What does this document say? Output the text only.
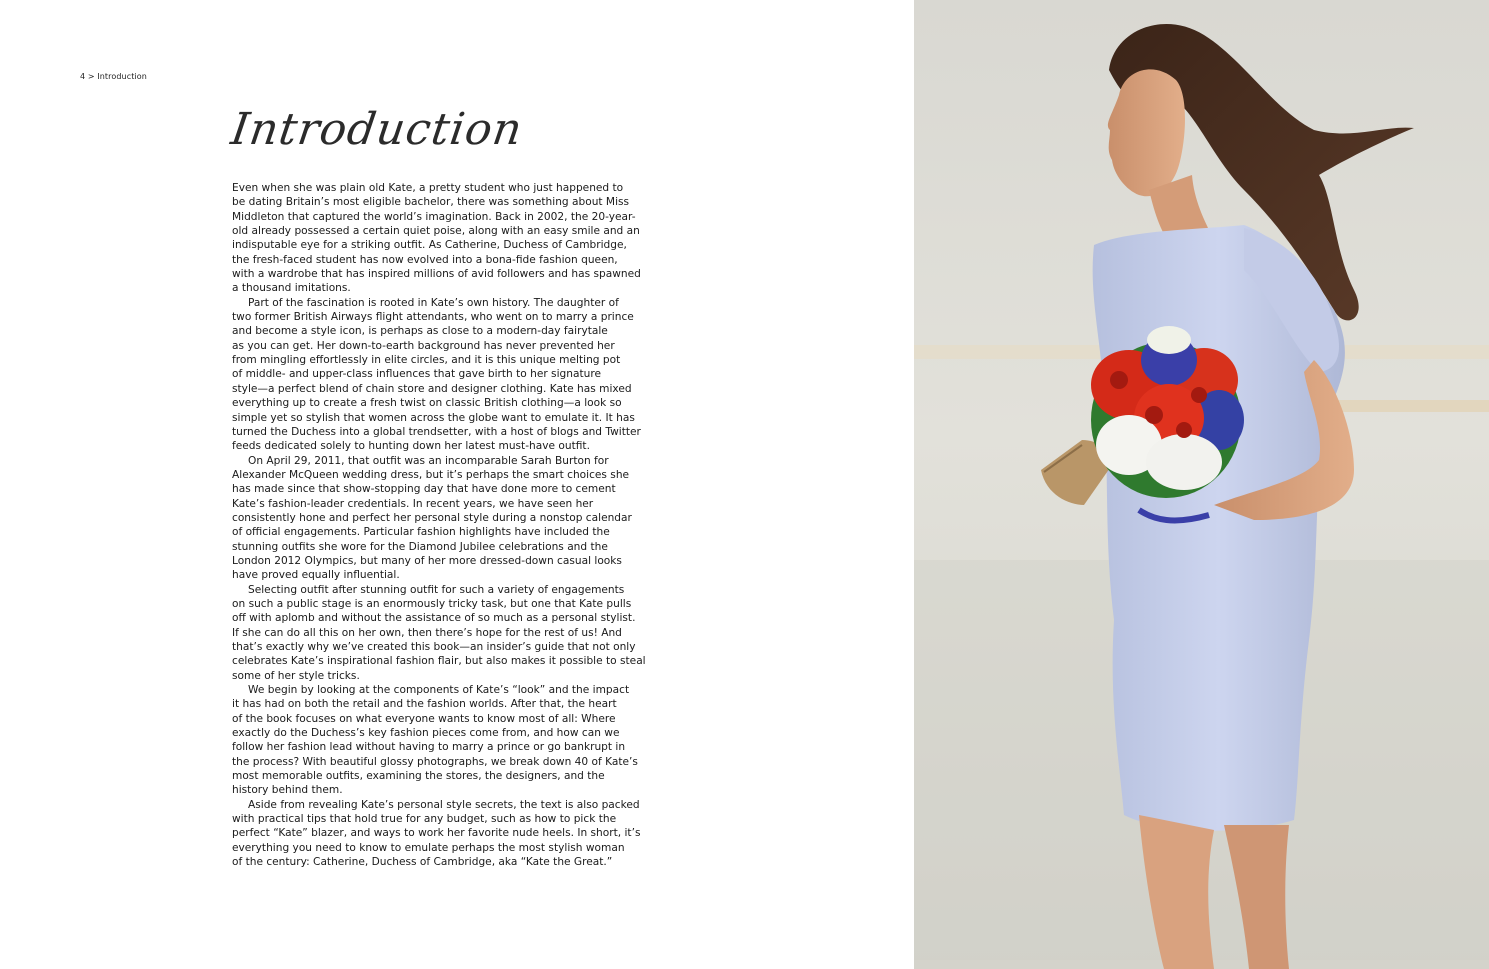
4 > Introduction
Introduction
Even when she was plain old Kate, a pretty student who just happened to
be dating Britain’s most eligible bachelor, there was something about Miss
Middleton that captured the world’s imagination. Back in 2002, the 20-year-
old already possessed a certain quiet poise, along with an easy smile and an
indisputable eye for a striking outfit. As Catherine, Duchess of Cambridge,
the fresh-faced student has now evolved into a bona-fide fashion queen,
with a wardrobe that has inspired millions of avid followers and has spawned
a thousand imitations.
Part of the fascination is rooted in Kate’s own history. The daughter of
two former British Airways flight attendants, who went on to marry a prince
and become a style icon, is perhaps as close to a modern-day fairytale
as you can get. Her down-to-earth background has never prevented her
from mingling effortlessly in elite circles, and it is this unique melting pot
of middle- and upper-class influences that gave birth to her signature
style—a perfect blend of chain store and designer clothing. Kate has mixed
everything up to create a fresh twist on classic British clothing—a look so
simple yet so stylish that women across the globe want to emulate it. It has
turned the Duchess into a global trendsetter, with a host of blogs and Twitter
feeds dedicated solely to hunting down her latest must-have outfit.
On April 29, 2011, that outfit was an incomparable Sarah Burton for
Alexander McQueen wedding dress, but it’s perhaps the smart choices she
has made since that show-stopping day that have done more to cement
Kate’s fashion-leader credentials. In recent years, we have seen her
consistently hone and perfect her personal style during a nonstop calendar
of official engagements. Particular fashion highlights have included the
stunning outfits she wore for the Diamond Jubilee celebrations and the
London 2012 Olympics, but many of her more dressed-down casual looks
have proved equally influential.
Selecting outfit after stunning outfit for such a variety of engagements
on such a public stage is an enormously tricky task, but one that Kate pulls
off with aplomb and without the assistance of so much as a personal stylist.
If she can do all this on her own, then there’s hope for the rest of us! And
that’s exactly why we’ve created this book—an insider’s guide that not only
celebrates Kate’s inspirational fashion flair, but also makes it possible to steal
some of her style tricks.
We begin by looking at the components of Kate’s “look” and the impact
it has had on both the retail and the fashion worlds. After that, the heart
of the book focuses on what everyone wants to know most of all: Where
exactly do the Duchess’s key fashion pieces come from, and how can we
follow her fashion lead without having to marry a prince or go bankrupt in
the process? With beautiful glossy photographs, we break down 40 of Kate’s
most memorable outfits, examining the stores, the designers, and the
history behind them.
Aside from revealing Kate’s personal style secrets, the text is also packed
with practical tips that hold true for any budget, such as how to pick the
perfect “Kate” blazer, and ways to work her favorite nude heels. In short, it’s
everything you need to know to emulate perhaps the most stylish woman
of the century: Catherine, Duchess of Cambridge, aka “Kate the Great.”
